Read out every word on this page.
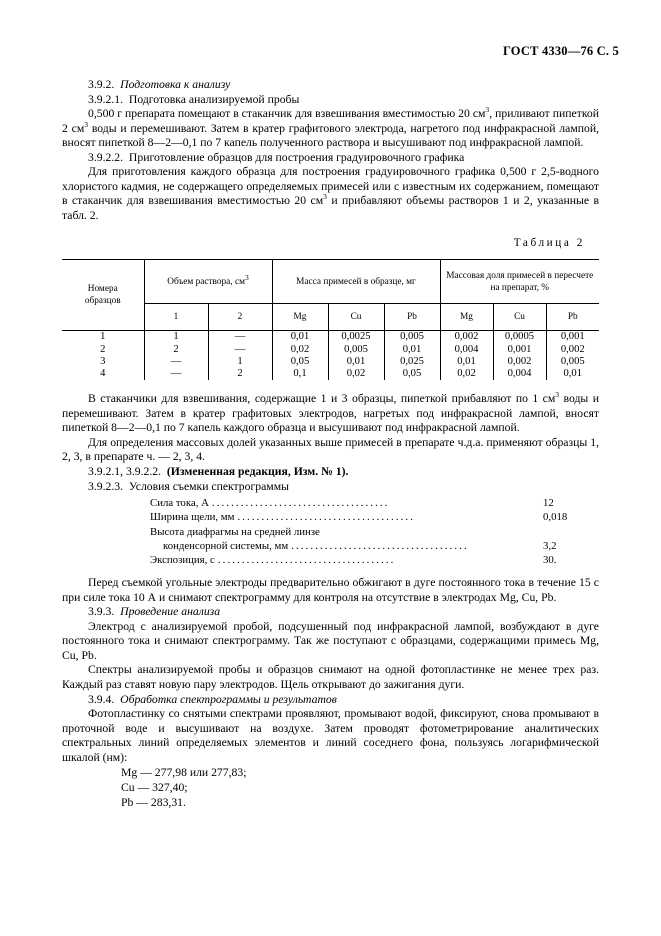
ГОСТ 4330—76 С. 5

3.9.2. Подготовка к анализу

3.9.2.1. Подготовка анализируемой пробы

0,500 г препарата помещают в стаканчик для взвешивания вместимостью 20 $см^3$, приливают пипеткой 2 $см^3$ воды и перемешивают. Затем в кратер графитового электрода, нагретого под инфракрасной лампой, вносят пипеткой 8—2—0,1 по 7 капель полученного раствора и высушивают под инфракрасной лампой.

3.9.2.2. Приготовление образцов для построения градуировочного графика

Для приготовления каждого образца для построения градуировочного графика 0,500 г 2,5-водного хлористого кадмия, не содержащего определяемых примесей или с известным их содержанием, помещают в стаканчик для взвешивания вместимостью 20 $см^3$ и прибавляют объемы растворов 1 и 2, указанные в табл. 2.

Таблица 2
Номера
образцов	Объем раствора, $см^3$		Масса примесей в образце, мг			Массовая доля примесей в пересчете
на препарат, %		
	1	2	Mg	Cu	Pb	Mg	Cu	Pb
1	1	—	0,01	0,0025	0,005	0,002	0,0005	0,001
2	2	—	0,02	0,005	0,01	0,004	0,001	0,002
3	—	1	0,05	0,01	0,025	0,01	0,002	0,005
4	—	2	0,1	0,02	0,05	0,02	0,004	0,01

В стаканчики для взвешивания, содержащие 1 и 3 образцы, пипеткой прибавляют по 1 $см^3$ воды и перемешивают. Затем в кратер графитовых электродов, нагретых под инфракрасной лампой, вносят пипеткой 8—2—0,1 по 7 капель каждого образца и высушивают под инфракрасной лампой.

Для определения массовых долей указанных выше примесей в препарате ч.д.а. применяют образцы 1, 2, 3, в препарате ч. — 2, 3, 4.

3.9.2.1, 3.9.2.2. (Измененная редакция, Изм. № 1).

3.9.2.3. Условия съемки спектрограммы

Сила тока, А .....................................	12
Ширина щели, мм .....................................	0,018
Высота диафрагмы на средней линзе
конденсорной системы, мм .....................................	3,2
Экспозиция, с .....................................	30.

Перед съемкой угольные электроды предварительно обжигают в дуге постоянного тока в течение 15 с при силе тока 10 А и снимают спектрограмму для контроля на отсутствие в электродах Mg, Cu, Pb.

3.9.3. Проведение анализа

Электрод с анализируемой пробой, подсушенный под инфракрасной лампой, возбуждают в дуге постоянного тока и снимают спектрограмму. Так же поступают с образцами, содержащими примесь Mg, Cu, Pb.

Спектры анализируемой пробы и образцов снимают на одной фотопластинке не менее трех раз. Каждый раз ставят новую пару электродов. Щель открывают до зажигания дуги.

3.9.4. Обработка спектрограммы и результатов

Фотопластинку со снятыми спектрами проявляют, промывают водой, фиксируют, снова промывают в проточной воде и высушивают на воздухе. Затем проводят фотометрирование аналитических спектральных линий определяемых элементов и линий соседнего фона, пользуясь логарифмической шкалой (нм):

Mg — 277,98 или 277,83;
Cu — 327,40;
Pb — 283,31.
